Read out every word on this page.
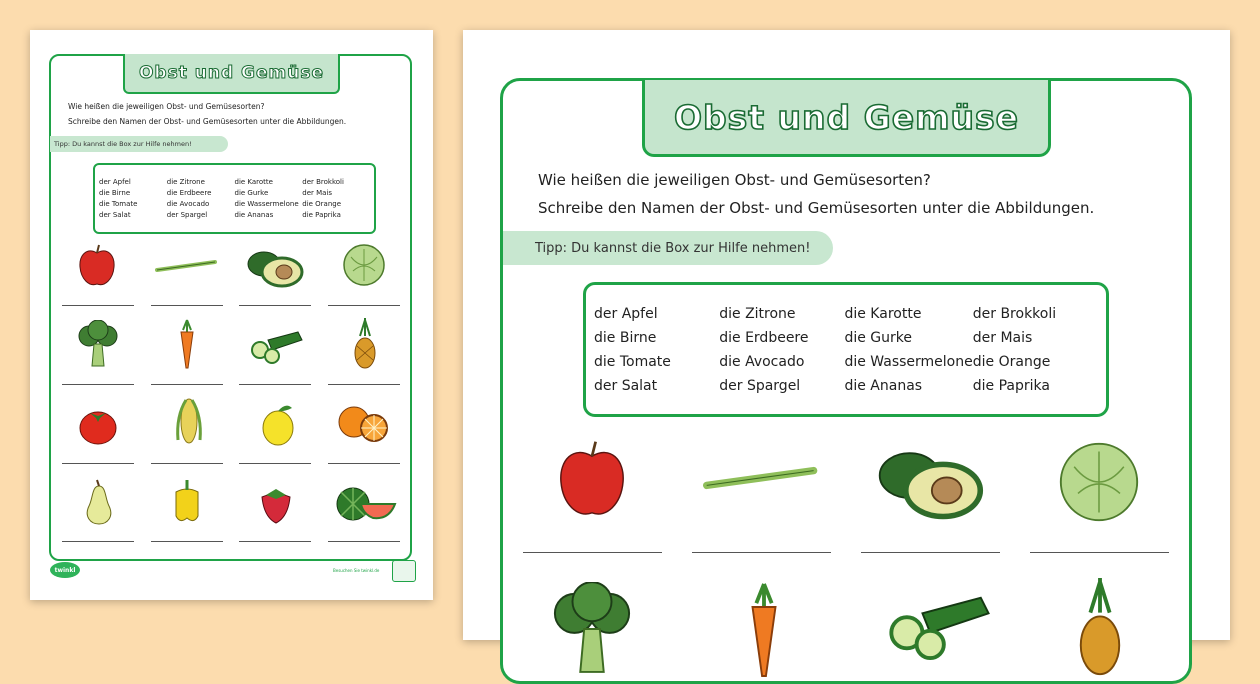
Obst und Gemüse
Wie heißen die jeweiligen Obst- und Gemüsesorten?
Schreibe den Namen der Obst- und Gemüsesorten unter die Abbildungen.
Tipp: Du kannst die Box zur Hilfe nehmen!
der Apfel	die Zitrone	die Karotte	der Brokkoli
die Birne	die Erdbeere	die Gurke	der Mais
die Tomate	die Avocado	die Wassermelone die Orange
der Salat	der Spargel	die Ananas	die Paprika
twinkl	Besuchen Sie twinkl.de
Obst und Gemüse
Wie heißen die jeweiligen Obst- und Gemüsesorten?
Schreibe den Namen der Obst- und Gemüsesorten unter die Abbildungen.
Tipp: Du kannst die Box zur Hilfe nehmen!
der Apfel	die Zitrone	die Karotte	der Brokkoli
die Birne	die Erdbeere	die Gurke	der Mais
die Tomate	die Avocado	die Wassermelone die Orange
der Salat	der Spargel	die Ananas	die Paprika
